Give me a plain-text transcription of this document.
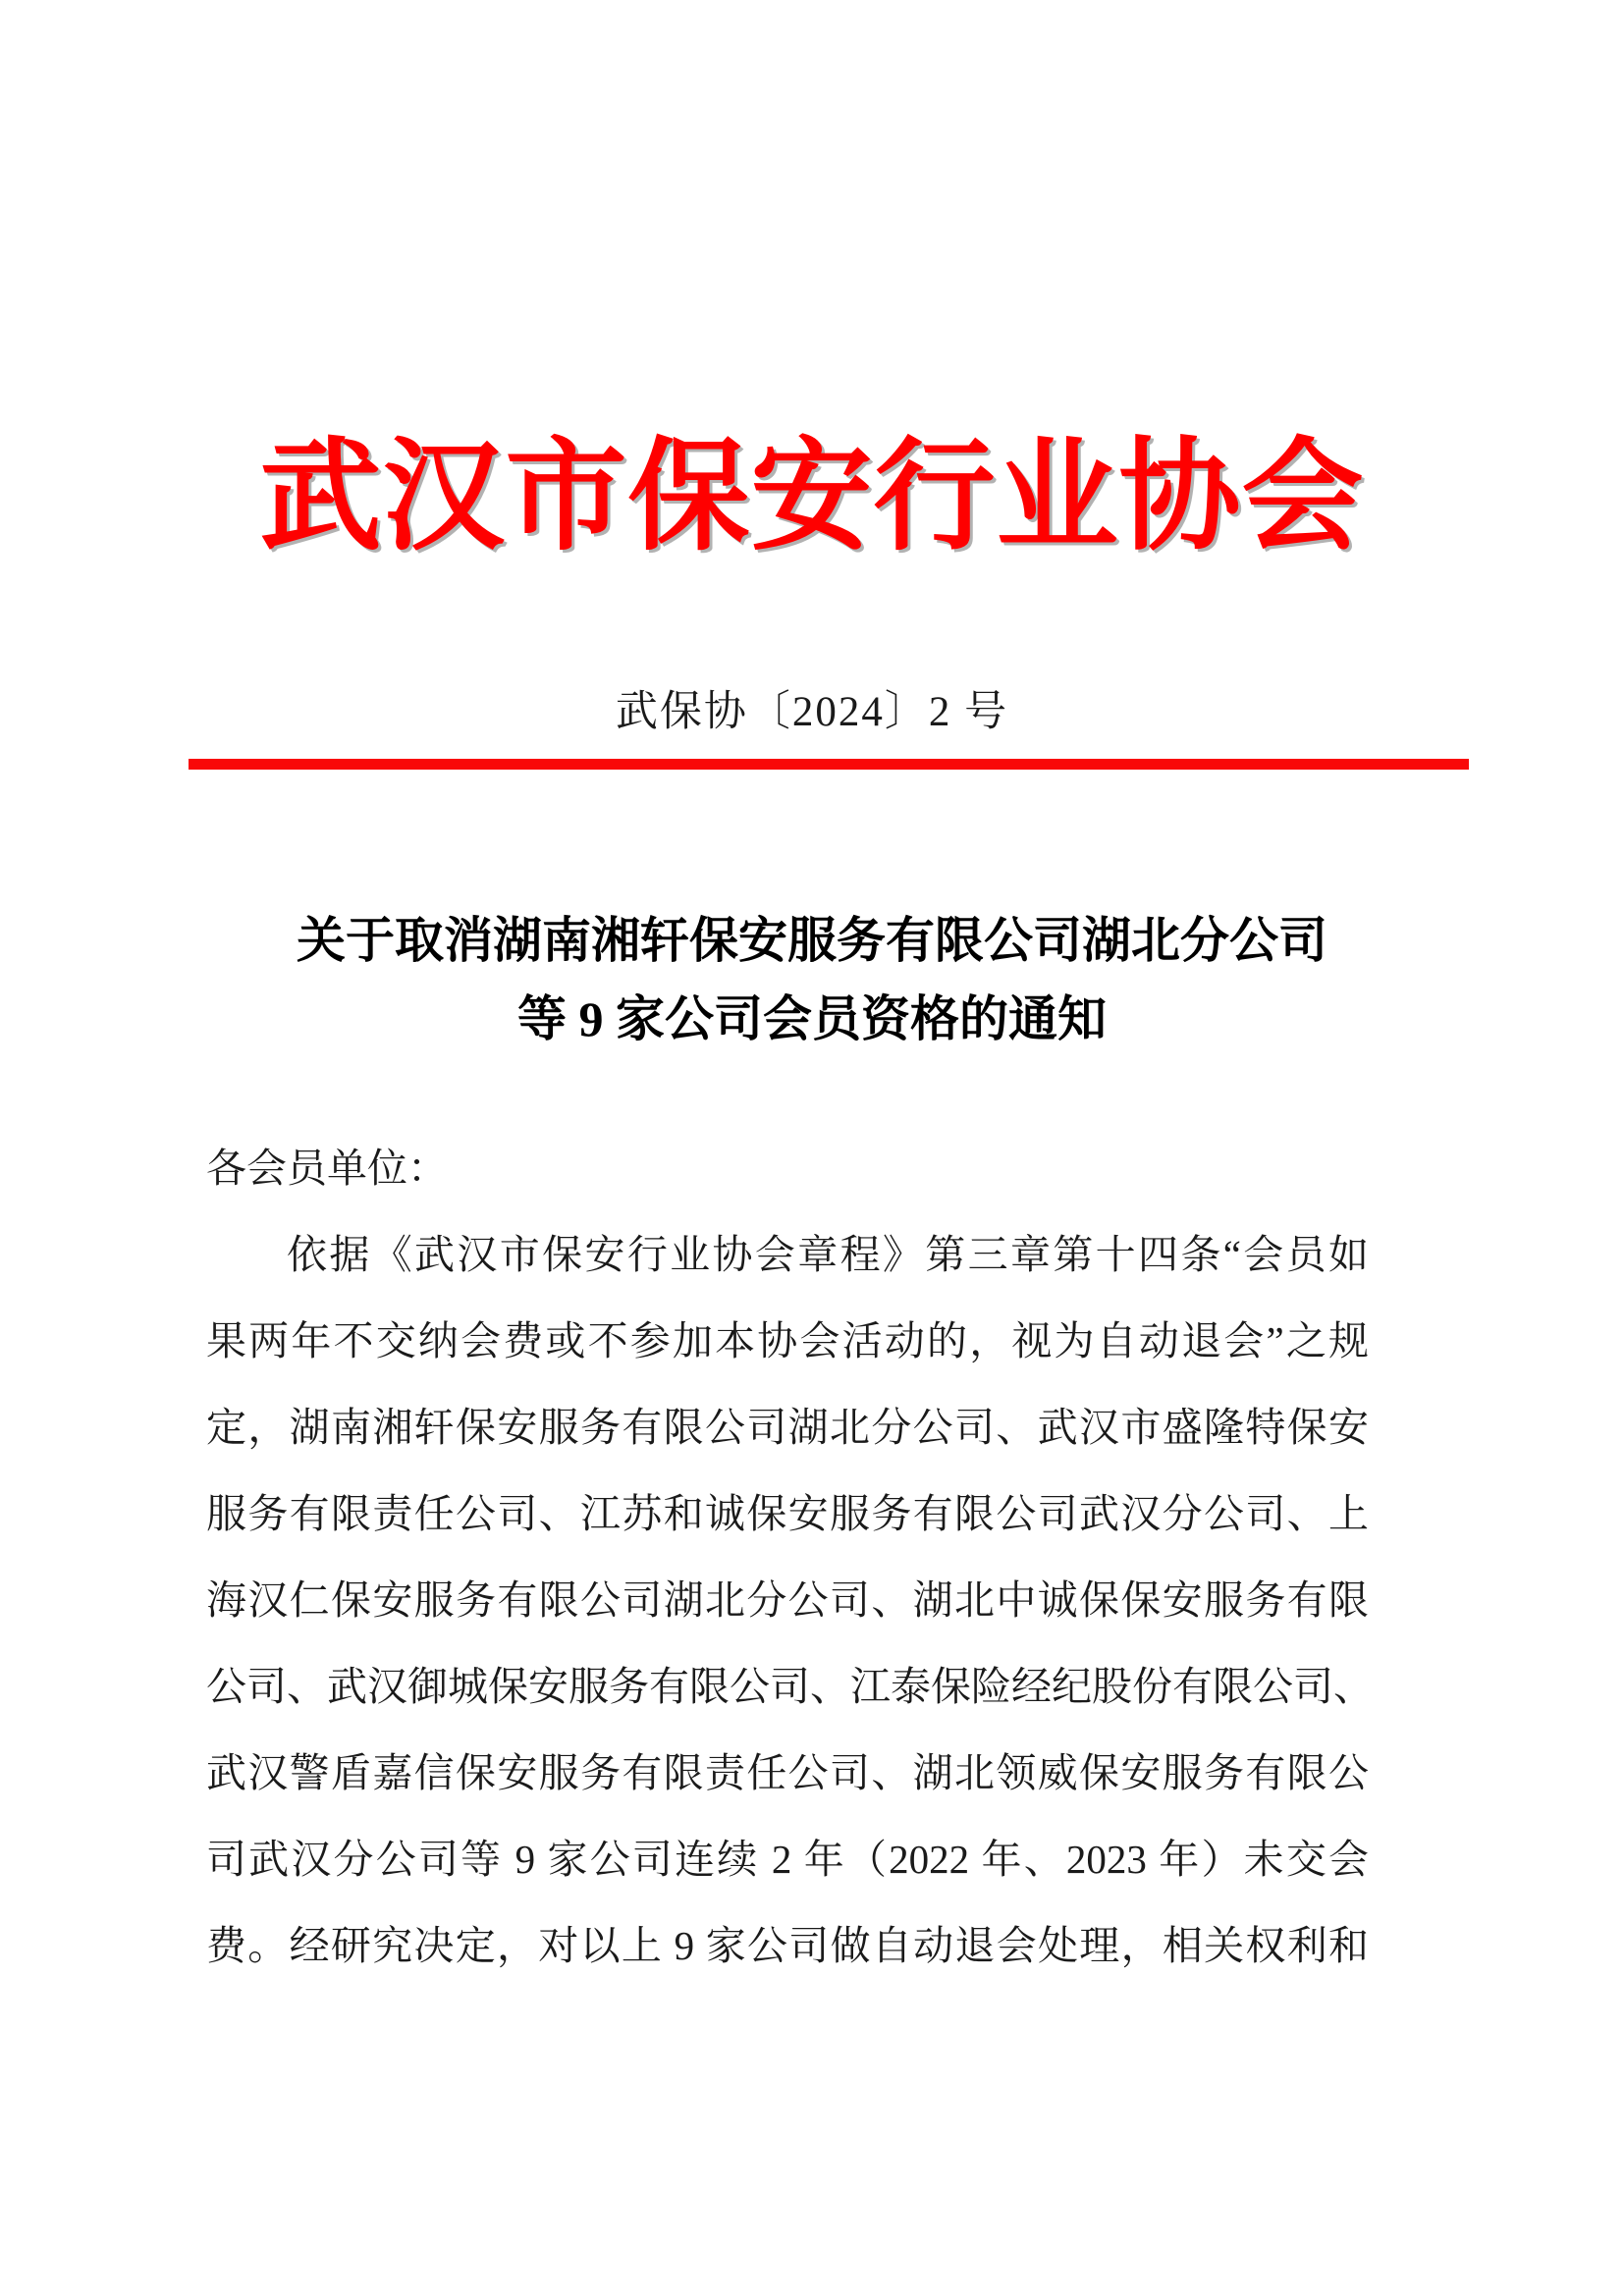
武汉市保安行业协会
武保协〔2024〕2 号
关于取消湖南湘轩保安服务有限公司湖北分公司
等 9 家公司会员资格的通知
各会员单位：
依据《武汉市保安行业协会章程》第三章第十四条“会员如
果两年不交纳会费或不参加本协会活动的，视为自动退会”之规
定，湖南湘轩保安服务有限公司湖北分公司、武汉市盛隆特保安
服务有限责任公司、江苏和诚保安服务有限公司武汉分公司、上
海汉仁保安服务有限公司湖北分公司、湖北中诚保保安服务有限
公司、武汉御城保安服务有限公司、江泰保险经纪股份有限公司、
武汉警盾嘉信保安服务有限责任公司、湖北领威保安服务有限公
司武汉分公司等 9 家公司连续 2 年（2022 年、2023 年）未交会
费。经研究决定，对以上 9 家公司做自动退会处理，相关权利和
